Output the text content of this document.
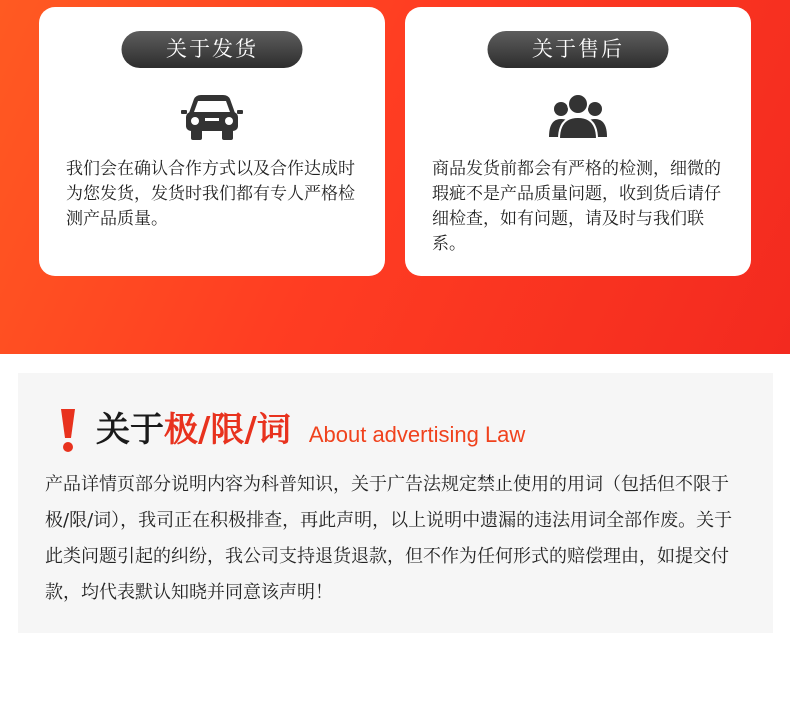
关于发货
我们会在确认合作方式以及合作达成时为您发货，发货时我们都有专人严格检测产品质量。
关于售后
商品发货前都会有严格的检测，细微的瑕疵不是产品质量问题，收到货后请仔细检查，如有问题，请及时与我们联系。
关于 极/限/词 About advertising Law
产品详情页部分说明内容为科普知识，关于广告法规定禁止使用的用词（包括但不限于极/限/词），我司正在积极排查，再此声明，以上说明中遗漏的违法用词全部作废。关于此类问题引起的纠纷，我公司支持退货退款，但不作为任何形式的赔偿理由，如提交付款，均代表默认知晓并同意该声明！
